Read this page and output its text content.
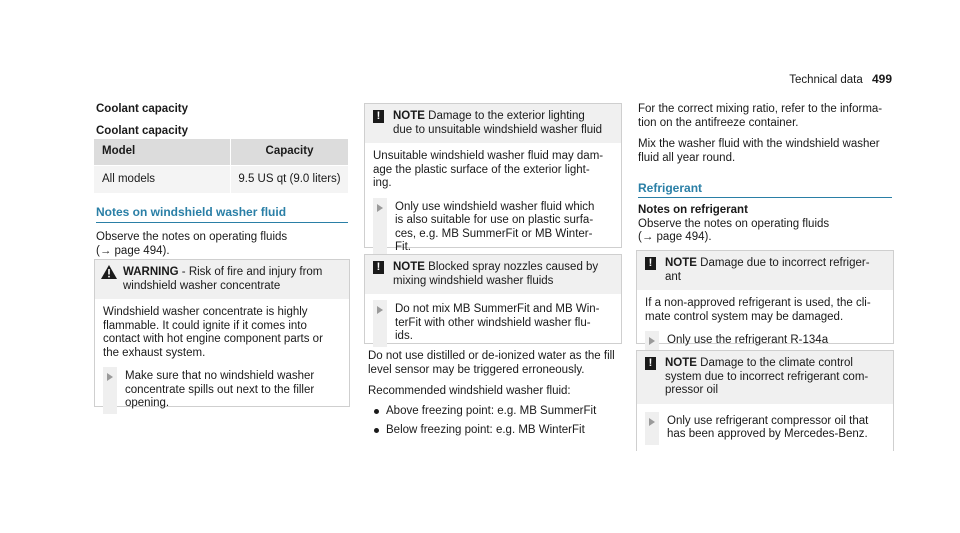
Technical data 499
Coolant capacity
Coolant capacity
Model	Capacity
All models	9.5 US qt (9.0 liters)
Notes on windshield washer fluid

Observe the notes on operating fluids

(→ page 494).

WARNING - Risk of fire and injury from

windshield washer concentrate

Windshield washer concentrate is highly

flammable. It could ignite if it comes into

contact with hot engine component parts or

the exhaust system.

Make sure that no windshield washer

concentrate spills out next to the filler

opening.

!	NOTE Damage to the exterior lighting

due to unsuitable windshield washer fluid

Unsuitable windshield washer fluid may dam-

age the plastic surface of the exterior light-

ing.

Only use windshield washer fluid which

is also suitable for use on plastic surfa-

ces, e.g. MB SummerFit or MB Winter-

Fit.

!	NOTE Blocked spray nozzles caused by

mixing windshield washer fluids

Do not mix MB SummerFit and MB Win-

terFit with other windshield washer flu-

ids.

Do not use distilled or de-ionized water as the fill

level sensor may be triggered erroneously.

Recommended windshield washer fluid:

Above freezing point: e.g. MB SummerFit
Below freezing point: e.g. MB WinterFit

For the correct mixing ratio, refer to the informa-

tion on the antifreeze container.

Mix the washer fluid with the windshield washer

fluid all year round.

Refrigerant

Notes on refrigerant

Observe the notes on operating fluids

(→ page 494).

!	NOTE Damage due to incorrect refriger-

ant

If a non-approved refrigerant is used, the cli-

mate control system may be damaged.

Only use the refrigerant R-134a

!	NOTE Damage to the climate control

system due to incorrect refrigerant com-

pressor oil

Only use refrigerant compressor oil that

has been approved by Mercedes-Benz.
